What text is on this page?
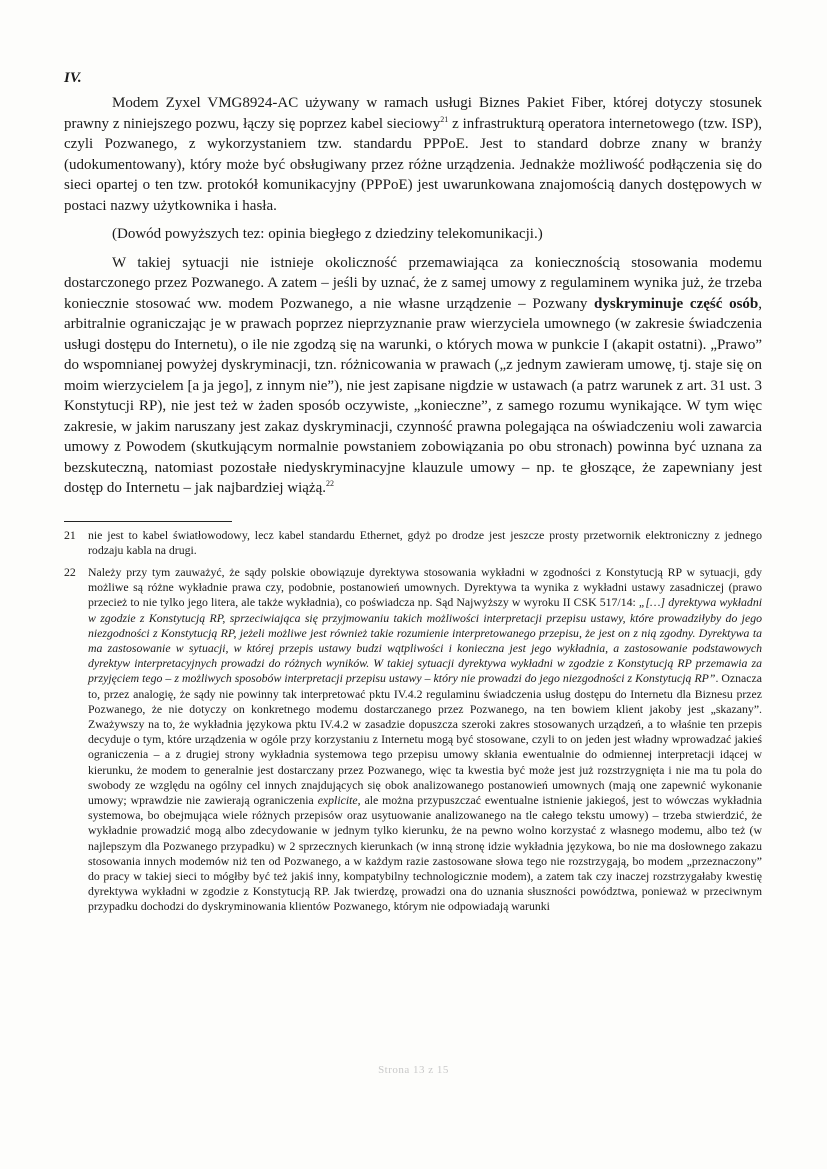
IV.

Modem Zyxel VMG8924-AC używany w ramach usługi Biznes Pakiet Fiber, której dotyczy stosunek prawny z niniejszego pozwu, łączy się poprzez kabel sieciowy$^{21}$ z infrastrukturą operatora internetowego (tzw. ISP), czyli Pozwanego, z wykorzystaniem tzw. standardu PPPoE. Jest to standard dobrze znany w branży (udokumentowany), który może być obsługiwany przez różne urządzenia. Jednakże możliwość podłączenia się do sieci opartej o ten tzw. protokół komunikacyjny (PPPoE) jest uwarunkowana znajomością danych dostępowych w postaci nazwy użytkownika i hasła.

(Dowód powyższych tez: opinia biegłego z dziedziny telekomunikacji.)

W takiej sytuacji nie istnieje okoliczność przemawiająca za koniecznością stosowania modemu dostarczonego przez Pozwanego. A zatem – jeśli by uznać, że z samej umowy z regulaminem wynika już, że trzeba koniecznie stosować ww. modem Pozwanego, a nie własne urządzenie – Pozwany dyskryminuje część osób, arbitralnie ograniczając je w prawach poprzez nieprzyznanie praw wierzyciela umownego (w zakresie świadczenia usługi dostępu do Internetu), o ile nie zgodzą się na warunki, o których mowa w punkcie I (akapit ostatni). „Prawo” do wspomnianej powyżej dyskryminacji, tzn. różnicowania w prawach („z jednym zawieram umowę, tj. staje się on moim wierzycielem [a ja jego], z innym nie”), nie jest zapisane nigdzie w ustawach (a patrz warunek z art. 31 ust. 3 Konstytucji RP), nie jest też w żaden sposób oczywiste, „konieczne”, z samego rozumu wynikające. W tym więc zakresie, w jakim naruszany jest zakaz dyskryminacji, czynność prawna polegająca na oświadczeniu woli zawarcia umowy z Powodem (skutkującym normalnie powstaniem zobowiązania po obu stronach) powinna być uznana za bezskuteczną, natomiast pozostałe niedyskryminacyjne klauzule umowy – np. te głoszące, że zapewniany jest dostęp do Internetu – jak najbardziej wiążą.$^{22}$

21	nie jest to kabel światłowodowy, lecz kabel standardu Ethernet, gdyż po drodze jest jeszcze prosty przetwornik elektroniczny z jednego rodzaju kabla na drugi.
22	Należy przy tym zauważyć, że sądy polskie obowiązuje dyrektywa stosowania wykładni w zgodności z Konstytucją RP w sytuacji, gdy możliwe są różne wykładnie prawa czy, podobnie, postanowień umownych. Dyrektywa ta wynika z wykładni ustawy zasadniczej (prawo przecież to nie tylko jego litera, ale także wykładnia), co poświadcza np. Sąd Najwyższy w wyroku II CSK 517/14: „[…] dyrektywa wykładni w zgodzie z Konstytucją RP, sprzeciwiająca się przyjmowaniu takich możliwości interpretacji przepisu ustawy, które prowadziłyby do jego niezgodności z Konstytucją RP, jeżeli możliwe jest również takie rozumienie interpretowanego przepisu, że jest on z nią zgodny. Dyrektywa ta ma zastosowanie w sytuacji, w której przepis ustawy budzi wątpliwości i konieczna jest jego wykładnia, a zastosowanie podstawowych dyrektyw interpretacyjnych prowadzi do różnych wyników. W takiej sytuacji dyrektywa wykładni w zgodzie z Konstytucją RP przemawia za przyjęciem tego – z możliwych sposobów interpretacji przepisu ustawy – który nie prowadzi do jego niezgodności z Konstytucją RP”. Oznacza to, przez analogię, że sądy nie powinny tak interpretować pktu IV.4.2 regulaminu świadczenia usług dostępu do Internetu dla Biznesu przez Pozwanego, że nie dotyczy on konkretnego modemu dostarczanego przez Pozwanego, na ten bowiem klient jakoby jest „skazany”. Zważywszy na to, że wykładnia językowa pktu IV.4.2 w zasadzie dopuszcza szeroki zakres stosowanych urządzeń, a to właśnie ten przepis decyduje o tym, które urządzenia w ogóle przy korzystaniu z Internetu mogą być stosowane, czyli to on jeden jest władny wprowadzać jakieś ograniczenia – a z drugiej strony wykładnia systemowa tego przepisu umowy skłania ewentualnie do odmiennej interpretacji idącej w kierunku, że modem to generalnie jest dostarczany przez Pozwanego, więc ta kwestia być może jest już rozstrzygnięta i nie ma tu pola do swobody ze względu na ogólny cel innych znajdujących się obok analizowanego postanowień umownych (mają one zapewnić wykonanie umowy; wprawdzie nie zawierają ograniczenia explicite, ale można przypuszczać ewentualne istnienie jakiegoś, jest to wówczas wykładnia systemowa, bo obejmująca wiele różnych przepisów oraz usytuowanie analizowanego na tle całego tekstu umowy) – trzeba stwierdzić, że wykładnie prowadzić mogą albo zdecydowanie w jednym tylko kierunku, że na pewno wolno korzystać z własnego modemu, albo też (w najlepszym dla Pozwanego przypadku) w 2 sprzecznych kierunkach (w inną stronę idzie wykładnia językowa, bo nie ma dosłownego zakazu stosowania innych modemów niż ten od Pozwanego, a w każdym razie zastosowane słowa tego nie rozstrzygają, bo modem „przeznaczony” do pracy w takiej sieci to mógłby być też jakiś inny, kompatybilny technologicznie modem), a zatem tak czy inaczej rozstrzygałaby kwestię dyrektywa wykładni w zgodzie z Konstytucją RP. Jak twierdzę, prowadzi ona do uznania słuszności powództwa, ponieważ w przeciwnym przypadku dochodzi do dyskryminowania klientów Pozwanego, którym nie odpowiadają warunki
Strona 13 z 15
